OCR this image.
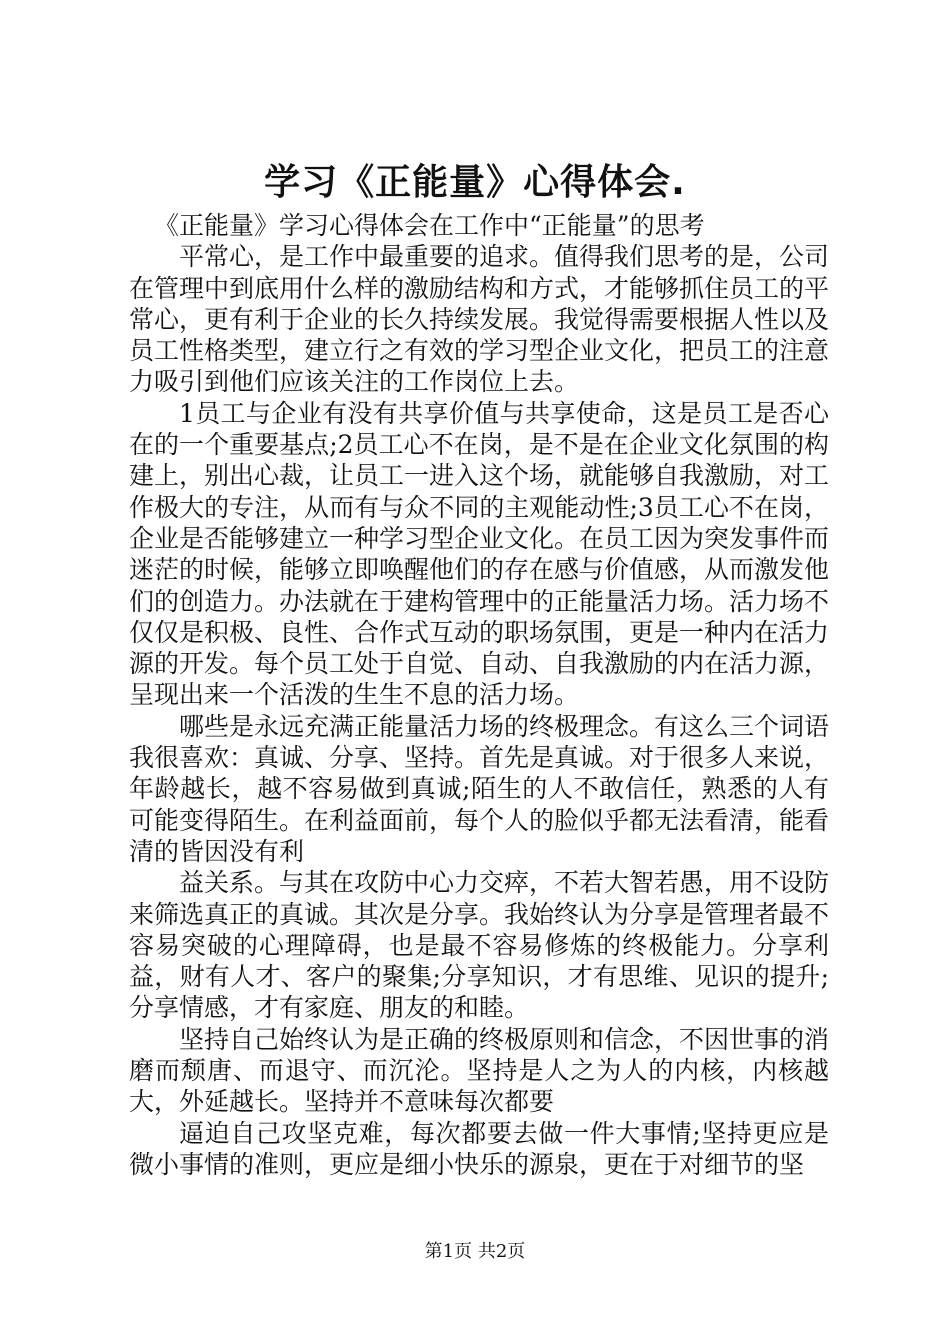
学习《正能量》心得体会.

《正能量》学习心得体会在工作中“正能量”的思考

平常心，是工作中最重要的追求。值得我们思考的是，公司在管理中到底用什么样的激励结构和方式，才能够抓住员工的平常心，更有利于企业的长久持续发展。我觉得需要根据人性以及员工性格类型，建立行之有效的学习型企业文化，把员工的注意力吸引到他们应该关注的工作岗位上去。

1员工与企业有没有共享价值与共享使命，这是员工是否心在的一个重要基点;2员工心不在岗，是不是在企业文化氛围的构建上，别出心裁，让员工一进入这个场，就能够自我激励，对工作极大的专注，从而有与众不同的主观能动性;3员工心不在岗，企业是否能够建立一种学习型企业文化。在员工因为突发事件而迷茫的时候，能够立即唤醒他们的存在感与价值感，从而激发他们的创造力。办法就在于建构管理中的正能量活力场。活力场不仅仅是积极、良性、合作式互动的职场氛围，更是一种内在活力源的开发。每个员工处于自觉、自动、自我激励的内在活力源，呈现出来一个活泼的生生不息的活力场。

哪些是永远充满正能量活力场的终极理念。有这么三个词语我很喜欢：真诚、分享、坚持。首先是真诚。对于很多人来说，年龄越长，越不容易做到真诚;陌生的人不敢信任，熟悉的人有可能变得陌生。在利益面前，每个人的脸似乎都无法看清，能看清的皆因没有利

益关系。与其在攻防中心力交瘁，不若大智若愚，用不设防来筛选真正的真诚。其次是分享。我始终认为分享是管理者最不容易突破的心理障碍，也是最不容易修炼的终极能力。分享利益，财有人才、客户的聚集;分享知识，才有思维、见识的提升;分享情感，才有家庭、朋友的和睦。

坚持自己始终认为是正确的终极原则和信念，不因世事的消磨而颓唐、而退守、而沉沦。坚持是人之为人的内核，内核越大，外延越长。坚持并不意味每次都要

逼迫自己攻坚克难，每次都要去做一件大事情;坚持更应是微小事情的准则，更应是细小快乐的源泉，更在于对细节的坚

第1页 共2页
